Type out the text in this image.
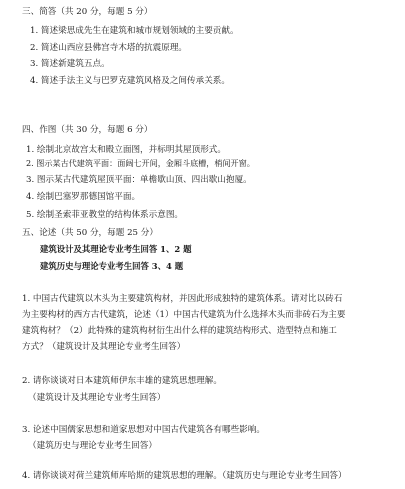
三、简答（共 20 分，每题 5 分）
1. 简述梁思成先生在建筑和城市规划领域的主要贡献。
2. 简述山西应县佛宫寺木塔的抗震原理。
3. 简述新建筑五点。
4. 简述手法主义与巴罗克建筑风格及之间传承关系。
四、作图（共 30 分，每题 6 分）
1. 绘制北京故宫太和殿立面图，并标明其屋顶形式。
2. 图示某古代建筑平面：面阔七开间，金厢斗底槽，梢间开窗。
3. 图示某古代建筑屋顶平面：单檐歇山顶、四出歇山抱厦。
4. 绘制巴塞罗那德国馆平面。
5. 绘制圣索菲亚教堂的结构体系示意图。
五、论述（共 50 分，每题 25 分）
建筑设计及其理论专业考生回答 1、2 题
建筑历史与理论专业考生回答 3、4 题
1. 中国古代建筑以木头为主要建筑构材，并因此形成独特的建筑体系。请对比以砖石
为主要构材的西方古代建筑，论述（1）中国古代建筑为什么选择木头而非砖石为主要
建筑构材？（2）此特殊的建筑构材衍生出什么样的建筑结构形式、造型特点和施工
方式？（建筑设计及其理论专业考生回答）
2. 请你谈谈对日本建筑师伊东丰雄的建筑思想理解。
（建筑设计及其理论专业考生回答）
3. 论述中国儒家思想和道家思想对中国古代建筑各有哪些影响。
（建筑历史与理论专业考生回答）
4. 请你谈谈对荷兰建筑师库哈斯的建筑思想的理解。（建筑历史与理论专业考生回答）
